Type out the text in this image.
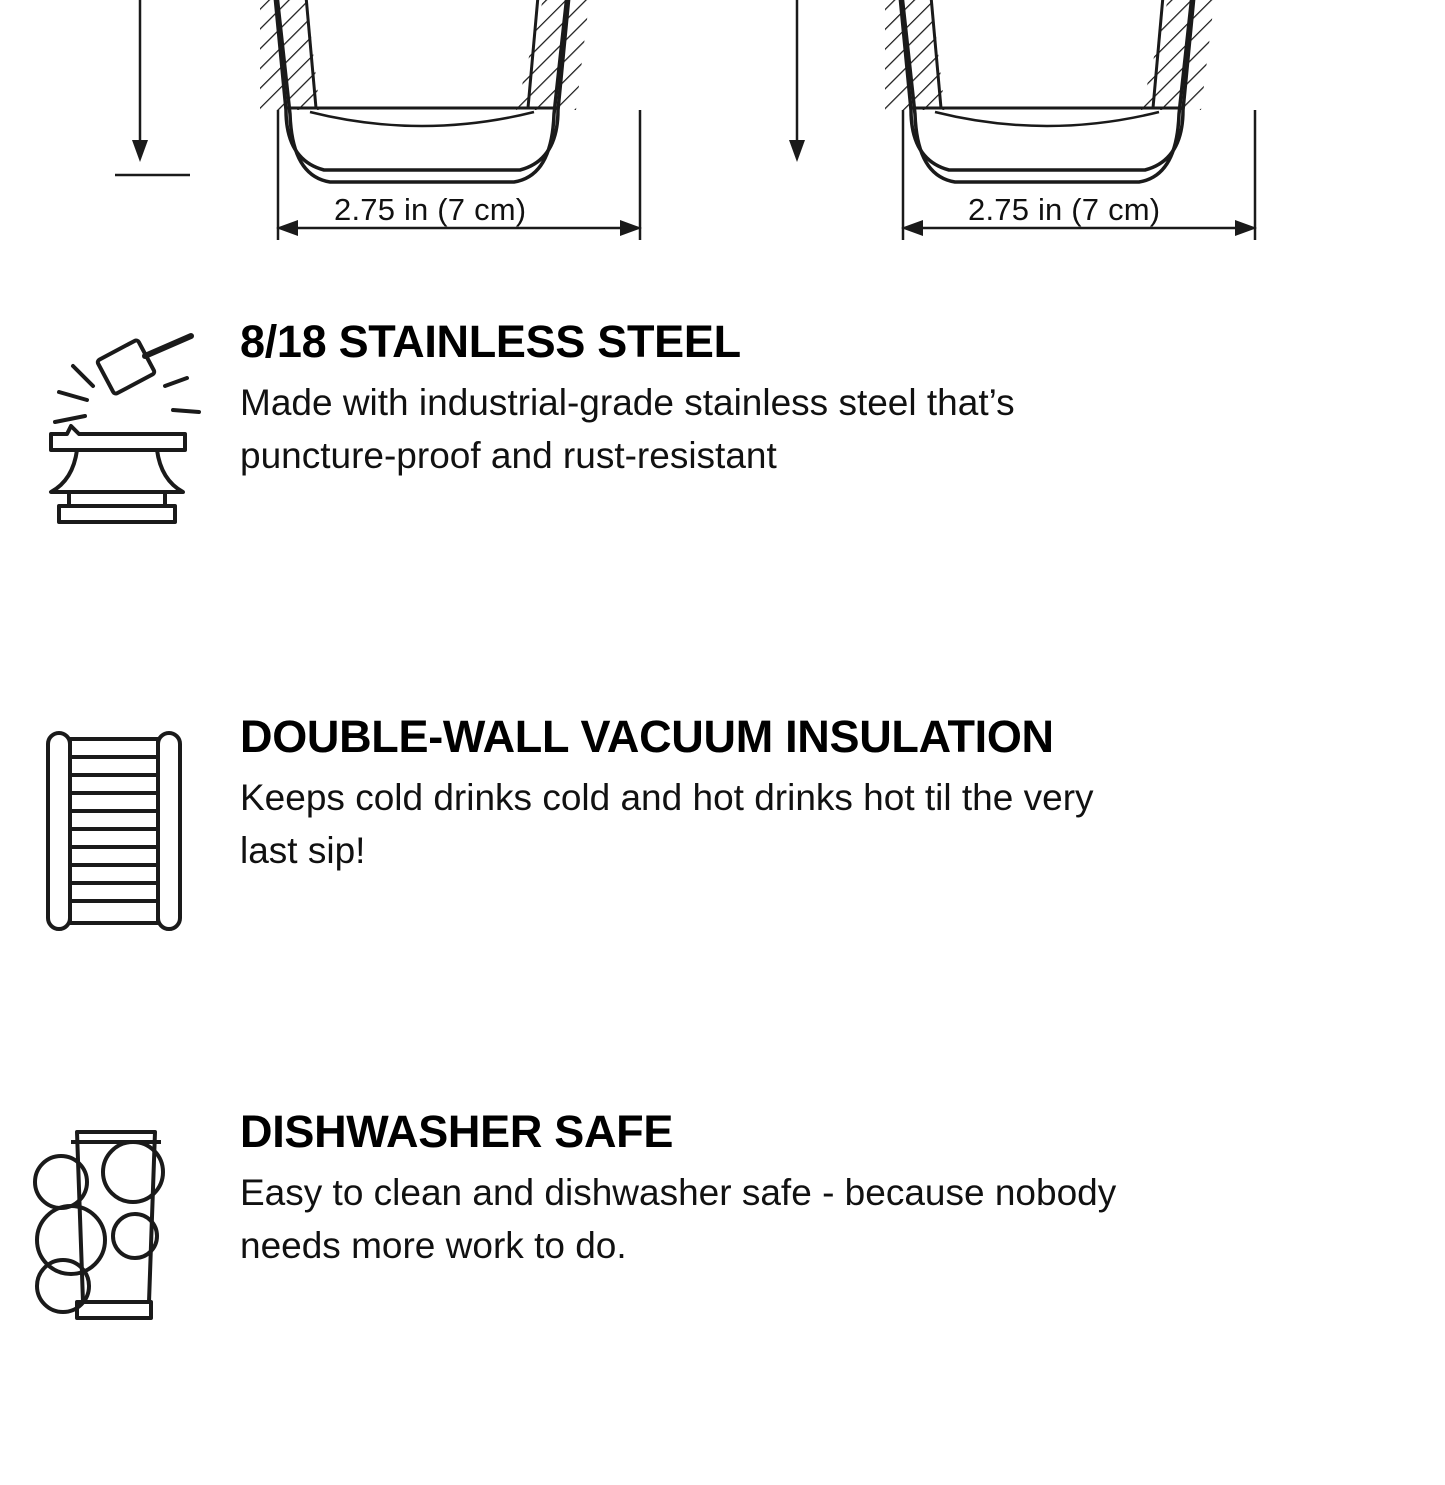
2.75 in (7 cm)	2.75 in (7 cm)
8/18 STAINLESS STEEL

Made with industrial-grade stainless steel that’s puncture-proof and rust-resistant

DOUBLE-WALL VACUUM INSULATION

Keeps cold drinks cold and hot drinks hot til the very last sip!

DISHWASHER SAFE

Easy to clean and dishwasher safe - because nobody needs more work to do.
